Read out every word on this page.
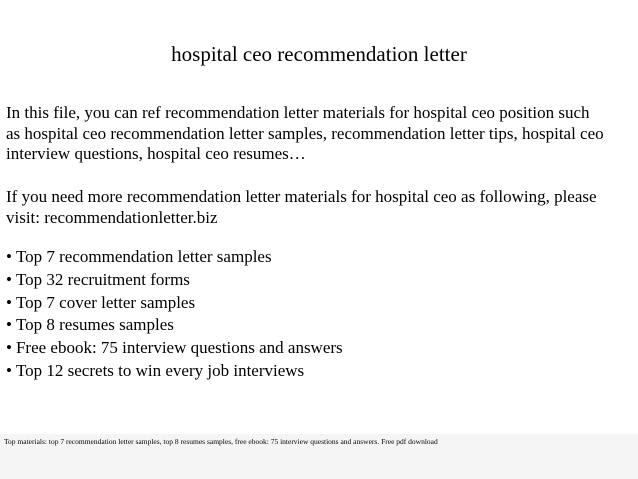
hospital ceo recommendation letter
In this file, you can ref recommendation letter materials for hospital ceo position such
as hospital ceo recommendation letter samples, recommendation letter tips, hospital ceo
interview questions, hospital ceo resumes…
If you need more recommendation letter materials for hospital ceo as following, please
visit: recommendationletter.biz
• Top 7 recommendation letter samples
• Top 32 recruitment forms
• Top 7 cover letter samples
• Top 8 resumes samples
• Free ebook: 75 interview questions and answers
• Top 12 secrets to win every job interviews
Top materials: top 7 recommendation letter samples, top 8 resumes samples, free ebook: 75 interview questions and answers. Free pdf download
